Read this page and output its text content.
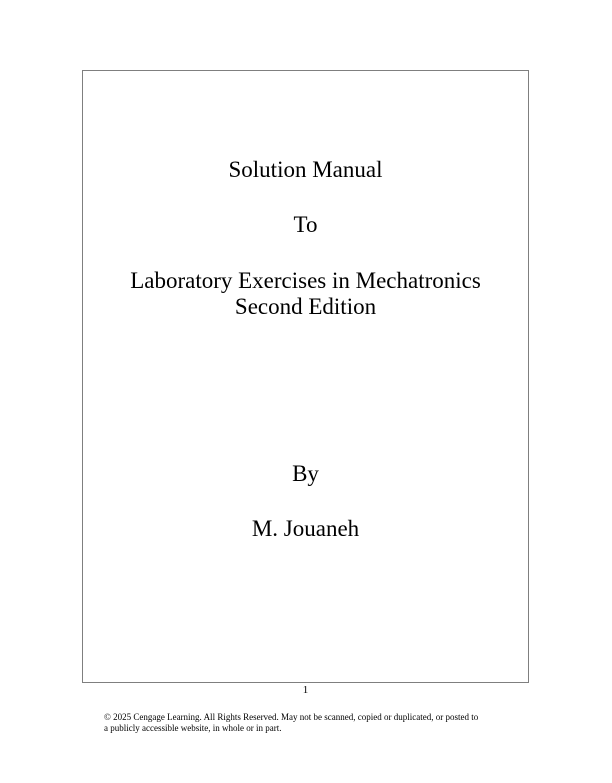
Solution Manual
To
Laboratory Exercises in Mechatronics
Second Edition
By
M. Jouaneh
1
© 2025 Cengage Learning. All Rights Reserved. May not be scanned, copied or duplicated, or posted to
a publicly accessible website, in whole or in part.
